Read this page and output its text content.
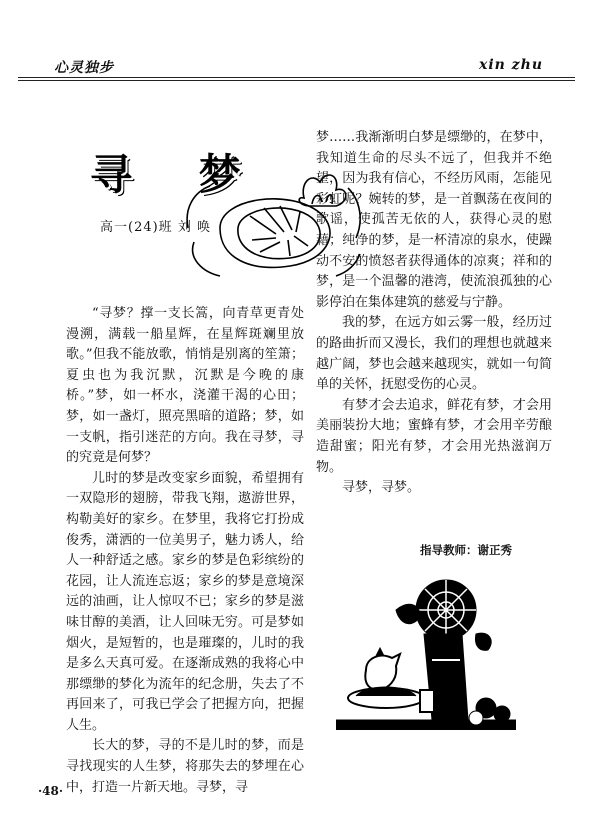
心灵独步	xin zhu
寻 梦
高一(24)班 刘 唤

“寻梦？撑一支长篙，向青草更青处漫溯，满载一船星辉，在星辉斑斓里放歌。”但我不能放歌，悄悄是别离的笙箫；夏虫也为我沉默，沉默是今晚的康桥。”梦，如一杯水，浇灌干渴的心田；梦，如一盏灯，照亮黑暗的道路；梦，如一支帆，指引迷茫的方向。我在寻梦，寻的究竟是何梦？

儿时的梦是改变家乡面貌，希望拥有一双隐形的翅膀，带我飞翔，遨游世界，构勒美好的家乡。在梦里，我将它打扮成俊秀，潇洒的一位美男子，魅力诱人，给人一种舒适之感。家乡的梦是色彩缤纷的花园，让人流连忘返；家乡的梦是意境深远的油画，让人惊叹不已；家乡的梦是滋味甘醇的美酒，让人回味无穷。可是梦如烟火，是短暂的，也是璀璨的，儿时的我是多么天真可爱。在逐渐成熟的我将心中那缥缈的梦化为流年的纪念册，失去了不再回来了，可我已学会了把握方向，把握人生。

长大的梦，寻的不是儿时的梦，而是寻找现实的人生梦，将那失去的梦埋在心中，打造一片新天地。寻梦，寻

梦……我渐渐明白梦是缥缈的，在梦中，我知道生命的尽头不远了，但我并不绝望，因为我有信心，不经历风雨，怎能见彩虹呢？婉转的梦，是一首飘荡在夜间的歌谣，使孤苦无依的人，获得心灵的慰藉；纯净的梦，是一杯清凉的泉水，使躁动不安的愤怒者获得通体的凉爽；祥和的梦，是一个温馨的港湾，使流浪孤独的心影停泊在集体建筑的慈爱与宁静。

我的梦，在远方如云雾一般，经历过的路曲折而又漫长，我们的理想也就越来越广阔，梦也会越来越现实，就如一句简单的关怀，抚慰受伤的心灵。

有梦才会去追求，鲜花有梦，才会用美丽装扮大地；蜜蜂有梦，才会用辛劳酿造甜蜜；阳光有梦，才会用光热滋润万物。

寻梦，寻梦。

指导教师：谢正秀
·48·
